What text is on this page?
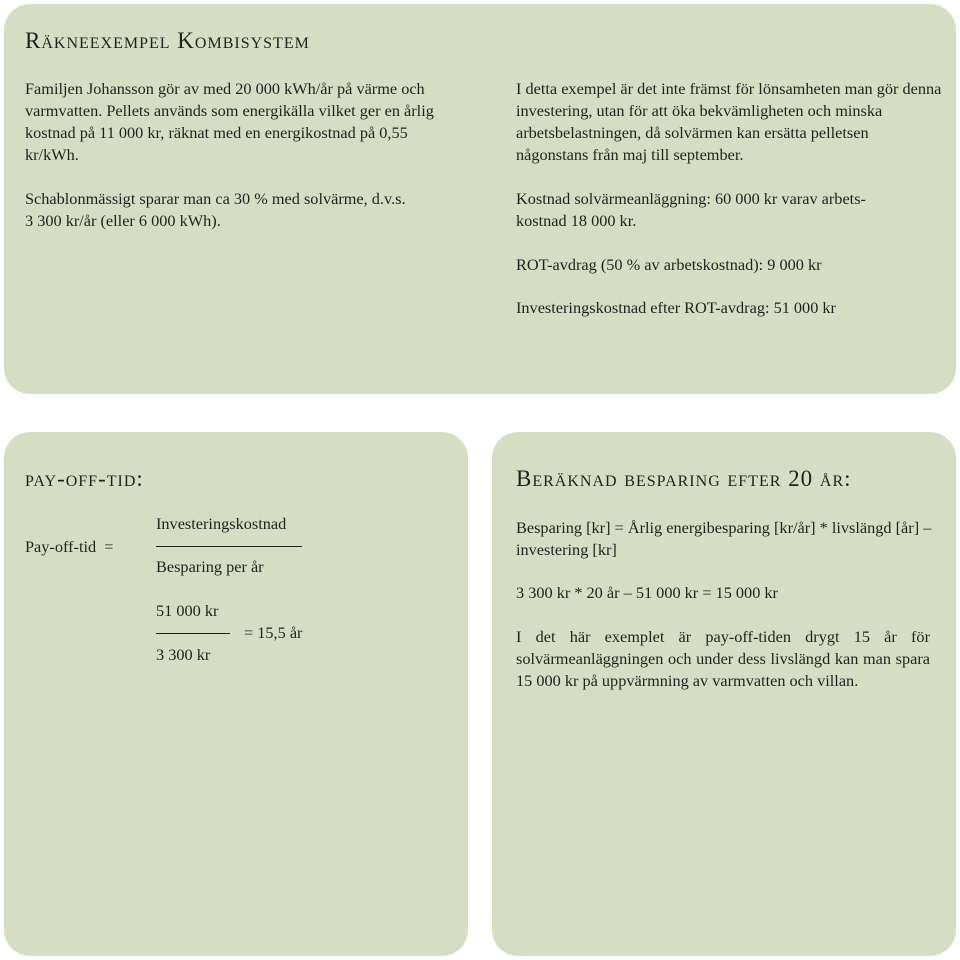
Räkneexempel Kombisystem

Familjen Johansson gör av med 20 000 kWh/år på värme och varmvatten. Pellets används som energikälla vilket ger en årlig kostnad på 11 000 kr, räknat med en energikostnad på 0,55 kr/kWh.

Schablonmässigt sparar man ca 30 % med solvärme, d.v.s.

3 300 kr/år (eller 6 000 kWh).

I detta exempel är det inte främst för lönsamheten man gör denna investering, utan för att öka bekvämligheten och minska arbetsbelastningen, då solvärmen kan ersätta pelletsen någonstans från maj till september.

Kostnad solvärmeanläggning: 60 000 kr varav arbets-

kostnad 18 000 kr.

ROT-avdrag (50 % av arbetskostnad): 9 000 kr

Investeringskostnad efter ROT-avdrag: 51 000 kr

pay-off-tid:

Pay-off-tid  =

Investeringskostnad

Besparing per år

51 000 kr

= 15,5 år

3 300 kr

Beräknad besparing efter 20 år:

Besparing [kr] = Årlig energibesparing [kr/år] * livslängd [år] – investering [kr]

3 300 kr * 20 år – 51 000 kr = 15 000 kr

I det här exemplet är pay-off-tiden drygt 15 år för solvärmeanläggningen och under dess livslängd kan man spara 15 000 kr på uppvärmning av varmvatten och villan.
